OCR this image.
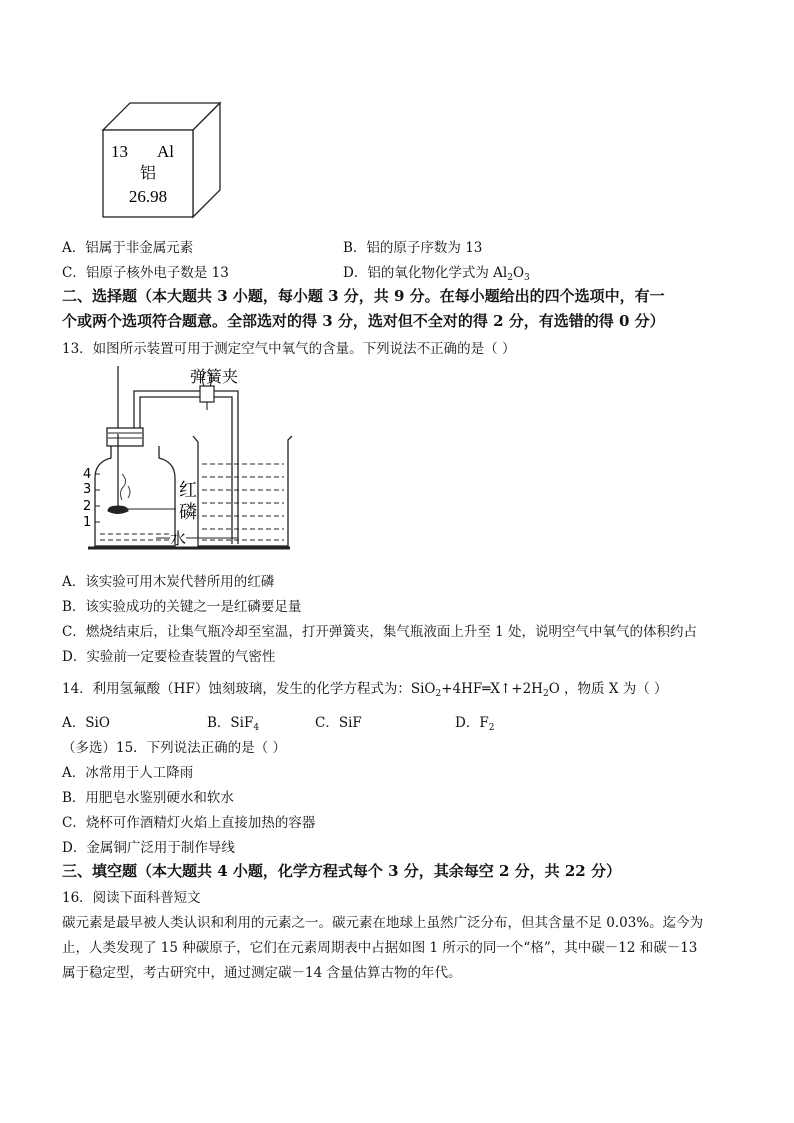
13 Al
铝
26.98
A．铝属于非金属元素	B．铝的原子序数为 13
C．铝原子核外电子数是 13	D．铝的氧化物化学式为 $Al_2O_3$
二、选择题（本大题共 3 小题，每小题 3 分，共 9 分。在每小题给出的四个选项中，有一
个或两个选项符合题意。全部选对的得 3 分，选对但不全对的得 2 分，有选错的得 0 分）
13．如图所示装置可用于测定空气中氧气的含量。下列说法不正确的是（ ）
4
3
2
1
弹簧夹
红
磷
水
A．该实验可用木炭代替所用的红磷
B．该实验成功的关键之一是红磷要足量
C．燃烧结束后，让集气瓶冷却至室温，打开弹簧夹，集气瓶液面上升至 1 处，说明空气中氧气的体积约占
D．实验前一定要检查装置的气密性
14．利用氢氟酸（HF）蚀刻玻璃，发生的化学方程式为：$SiO_2+4HF═X↑+2H_2O$ ，物质 X 为（ ）
A．SiO	B．SiF$_4$	C．SiF	D．$F_2$
（多选）15．下列说法正确的是（ ）
A．冰常用于人工降雨
B．用肥皂水鉴别硬水和软水
C．烧杯可作酒精灯火焰上直接加热的容器
D．金属铜广泛用于制作导线
三、填空题（本大题共 4 小题，化学方程式每个 3 分，其余每空 2 分，共 22 分）
16．阅读下面科普短文
碳元素是最早被人类认识和利用的元素之一。碳元素在地球上虽然广泛分布，但其含量不足 0.03%。迄今为
止，人类发现了 15 种碳原子，它们在元素周期表中占据如图 1 所示的同一个“格”，其中碳－12 和碳－13
属于稳定型，考古研究中，通过测定碳－14 含量估算古物的年代。
